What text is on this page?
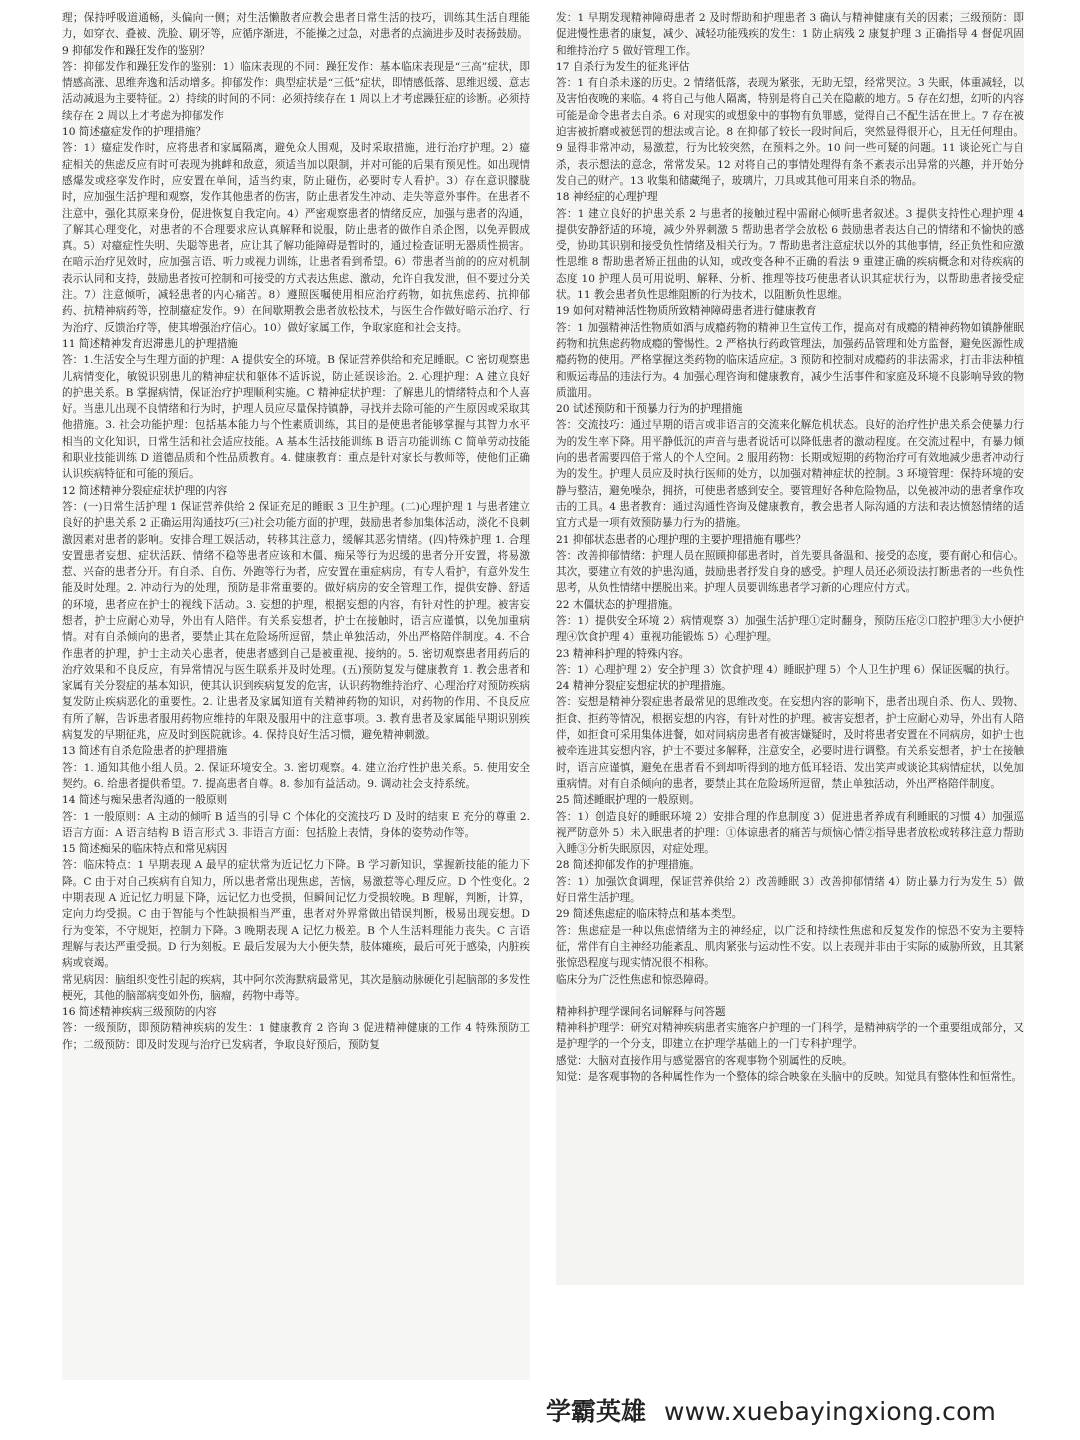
理；保持呼吸道通畅，头偏向一侧；对生活懒散者应教会患者日常生活的技巧，训练其生活自理能力，如穿衣、叠被、洗脸、刷牙等，应循序渐进，不能操之过急，对患者的点滴进步及时表扬鼓励。

9 抑郁发作和躁狂发作的鉴别？

答：抑郁发作和躁狂发作的鉴别：1）临床表现的不同：躁狂发作：基本临床表现是“三高”症状，即情感高涨、思维奔逸和活动增多。抑郁发作：典型症状是“三低”症状，即情感低落、思维迟缓、意志活动减退为主要特征。2）持续的时间的不同：必须持续存在 1 周以上才考虑躁狂症的诊断。必须持续存在 2 周以上才考虑为抑郁发作

10 简述癔症发作的护理措施？

答：1）癔症发作时，应将患者和家属隔离，避免众人围观，及时采取措施，进行治疗护理。2）癔症相关的焦虑反应有时可表现为挑衅和敌意，须适当加以限制，并对可能的后果有预见性。如出现情感爆发或痉挛发作时，应安置在单间，适当约束，防止碰伤，必要时专人看护。3）存在意识朦胧时，应加强生活护理和观察，发作其他患者的伤害，防止患者发生冲动、走失等意外事件。在患者不注意中，强化其原来身份，促进恢复自我定向。4）严密观察患者的情绪反应，加强与患者的沟通，了解其心理变化，对患者的不合理要求应认真解释和说服，防止患者的做作自杀企图，以免弄假成真。5）对癔症性失明、失聪等患者，应让其了解功能障碍是暂时的，通过检查证明无器质性损害。在暗示治疗见效时，应加强言语、听力或视力训练，让患者看到希望。6）带患者当前的的应对机制表示认同和支持，鼓励患者按可控制和可接受的方式表达焦虑、激动，允许自我发泄，但不要过分关注。7）注意倾听，减轻患者的内心痛苦。8）遵照医嘱使用相应治疗药物，如抗焦虑药、抗抑郁药、抗精神病药等，控制癔症发作。9）在间歇期教会患者放松技术，与医生合作做好暗示治疗、行为治疗、反馈治疗等，使其增强治疗信心。10）做好家属工作，争取家庭和社会支持。

11 简述精神发育迟滞患儿的护理措施

答：1.生活安全与生理方面的护理：A 提供安全的环境。B 保证营养供给和充足睡眠。C 密切观察患儿病情变化，敏锐识别患儿的精神症状和躯体不适诉说，防止延误诊治。2. 心理护理：A 建立良好的护患关系。B 掌握病情，保证治疗护理顺利实施。C 精神症状护理：了解患儿的情绪特点和个人喜好。当患儿出现不良情绪和行为时，护理人员应尽量保持镇静，寻找并去除可能的产生原因或采取其他措施。3. 社会功能护理：包括基本能力与个性素质训练，其目的是使患者能够掌握与其智力水平相当的文化知识，日常生活和社会适应技能。A 基本生活技能训练 B 语言功能训练 C 简单劳动技能和职业技能训练 D 道德品质和个性品质教育。4. 健康教育：重点是针对家长与教师等，使他们正确认识疾病特征和可能的预后。

12 简述精神分裂症症状护理的内容

答：(一)日常生活护理 1 保证营养供给 2 保证充足的睡眠 3 卫生护理。(二)心理护理 1 与患者建立良好的护患关系 2 正确运用沟通技巧(三)社会功能方面的护理，鼓励患者参加集体活动，淡化不良刺激因素对患者的影响。安排合理工娱活动，转移其注意力，缓解其恶劣情绪。(四)特殊护理 1. 合理安置患者妄想、症状活跃、情绪不稳等患者应该和木僵、痴呆等行为迟缓的患者分开安置，将易激惹、兴奋的患者分开。有自杀、自伤、外跑等行为者，应安置在重症病房，有专人看护，有意外发生能及时处理。2. 冲动行为的处理，预防是非常重要的。做好病房的安全管理工作，提供安静、舒适的环境，患者应在护士的视线下活动。3. 妄想的护理，根据妄想的内容，有针对性的护理。被害妄想者，护士应耐心劝导，外出有人陪伴。有关系妄想者，护士在接触时，语言应谨慎，以免加重病情。对有自杀倾向的患者，要禁止其在危险场所逗留，禁止单独活动，外出严格陪伴制度。4. 不合作患者的护理，护士主动关心患者，使患者感到自己是被重视、接纳的。5. 密切观察患者用药后的治疗效果和不良反应，有异常情况与医生联系并及时处理。(五)预防复发与健康教育 1. 教会患者和家属有关分裂症的基本知识，使其认识到疾病复发的危害，认识药物维持治疗、心理治疗对预防疾病复发防止疾病恶化的重要性。2. 让患者及家属知道有关精神药物的知识，对药物的作用、不良反应有所了解，告诉患者服用药物应维持的年限及服用中的注意事项。3. 教育患者及家属能早期识别疾病复发的早期征兆，应及时到医院就诊。4. 保持良好生活习惯，避免精神刺激。

13 简述有自杀危险患者的护理措施

答：1. 通知其他小组人员。2. 保证环境安全。3. 密切观察。4. 建立治疗性护患关系。5. 使用安全契约。6. 给患者提供希望。7. 提高患者自尊。8. 参加有益活动。9. 调动社会支持系统。

14 简述与痴呆患者沟通的一般原则

答：1 一般原则：A 主动的倾听 B 适当的引导 C 个体化的交流技巧 D 及时的结束 E 充分的尊重 2. 语言方面：A 语言结构 B 语言形式 3. 非语言方面：包括脸上表情，身体的姿势动作等。

15 简述痴呆的临床特点和常见病因

答：临床特点：1 早期表现 A 最早的症状常为近记忆力下降。B 学习新知识，掌握新技能的能力下降。C 由于对自己疾病有自知力，所以患者常出现焦虑，苦恼，易激惹等心理反应。D 个性变化。2 中期表现 A 近记忆力明显下降，远记忆力也受损，但瞬间记忆力受损较晚。B 理解，判断，计算，定向力均受损。C 由于智能与个性缺损相当严重，患者对外界常做出错误判断，极易出现妄想。D 行为变笨，不守规矩，控制力下降。3 晚期表现 A 记忆力极差。B 个人生活料理能力丧失。C 言语理解与表达严重受损。D 行为刻板。E 最后发展为大小便失禁，肢体瘫痪，最后可死于感染，内脏疾病或衰竭。

常见病因：脑组织变性引起的疾病，其中阿尔茨海默病最常见，其次是脑动脉硬化引起脑部的多发性梗死，其他的脑部病变如外伤，脑瘤，药物中毒等。

16 简述精神疾病三级预防的内容

答：一级预防，即预防精神疾病的发生：1 健康教育 2 咨询 3 促进精神健康的工作 4 特殊预防工作；二级预防：即及时发现与治疗已发病者，争取良好预后，预防复

发：1 早期发现精神障碍患者 2 及时帮助和护理患者 3 确认与精神健康有关的因素；三级预防：即促进慢性患者的康复，减少、减轻功能残疾的发生：1 防止病残 2 康复护理 3 正确指导 4 督促巩固和维持治疗 5 做好管理工作。

17 自杀行为发生的征兆评估

答：1 有自杀未遂的历史。2 情绪低落，表现为紧张，无助无望，经常哭泣。3 失眠，体重减轻，以及害怕夜晚的来临。4 将自己与他人隔离，特别是将自己关在隐蔽的地方。5 存在幻想，幻听的内容可能是命令患者去自杀。6 对现实的或想象中的事物有负罪感，觉得自己不配生活在世上。7 存在被迫害被折磨或被惩罚的想法或言论。8 在抑郁了较长一段时间后，突然显得很开心，且无任何理由。9 显得非常冲动，易激惹，行为比较突然，在预料之外。10 问一些可疑的问题。11 谈论死亡与自杀，表示想法的意念，常常发呆。12 对将自己的事情处理得有条不紊表示出异常的兴趣，并开始分发自己的财产。13 收集和储藏绳子，玻璃片，刀具或其他可用来自杀的物品。

18 神经症的心理护理

答：1 建立良好的护患关系 2 与患者的接触过程中需耐心倾听患者叙述。3 提供支持性心理护理 4 提供安静舒适的环境，减少外界刺激 5 帮助患者学会放松 6 鼓励患者表达自己的情绪和不愉快的感受，协助其识别和接受负性情绪及相关行为。7 帮助患者注意症状以外的其他事情，经正负性和应激性思维 8 帮助患者矫正扭曲的认知，或改变各种不正确的看法 9 重建正确的疾病概念和对待疾病的态度 10 护理人员可用说明、解释、分析、推理等技巧使患者认识其症状行为，以帮助患者接受症状。11 教会患者负性思维阻断的行为技术，以阻断负性思维。

19 如何对精神活性物质所致精神障碍患者进行健康教育

答：1 加强精神活性物质如酒与成瘾药物的精神卫生宣传工作，提高对有成瘾的精神药物如镇静催眠药物和抗焦虑药物成瘾的警惕性。2 严格执行药政管理法，加强药品管理和处方监督，避免医源性成瘾药物的使用。严格掌握这类药物的临床适应症。3 预防和控制对成瘾药的非法需求，打击非法种植和贩运毒品的违法行为。4 加强心理咨询和健康教育，减少生活事件和家庭及环境不良影响导致的物质滥用。

20 试述预防和干预暴力行为的护理措施

答：交流技巧：通过早期的语言或非语言的交流来化解危机状态。良好的治疗性护患关系会使暴力行为的发生率下降。用平静低沉的声音与患者说话可以降低患者的激动程度。在交流过程中，有暴力倾向的患者需要四倍于常人的个人空间。2 服用药物：长期或短期的药物治疗可有效地减少患者冲动行为的发生。护理人员应及时执行医师的处方，以加强对精神症状的控制。3 环境管理：保持环境的安静与整洁，避免噪杂，拥挤，可使患者感到安全。要管理好各种危险物品，以免被冲动的患者拿作攻击的工具。4 患者教育：通过沟通性咨询及健康教育，教会患者人际沟通的方法和表达愤怒情绪的适宜方式是一项有效预防暴力行为的措施。

21 抑郁状态患者的心理护理的主要护理措施有哪些？

答：改善抑郁情绪：护理人员在照顾抑郁患者时，首先要具备温和、接受的态度，要有耐心和信心。其次，要建立有效的护患沟通，鼓励患者抒发自身的感受。护理人员还必须设法打断患者的一些负性思考，从负性情绪中摆脱出来。护理人员要训练患者学习新的心理应付方式。

22 木僵状态的护理措施。

答：1）提供安全环境 2）病情观察 3）加强生活护理①定时翻身，预防压疮②口腔护理③大小便护理④饮食护理 4）重视功能锻炼 5）心理护理。

23 精神科护理的特殊内容。

答：1）心理护理 2）安全护理 3）饮食护理 4）睡眠护理 5）个人卫生护理 6）保证医嘱的执行。

24 精神分裂症妄想症状的护理措施。

答：妄想是精神分裂症患者最常见的思维改变。在妄想内容的影响下，患者出现自杀、伤人、毁物、拒食、拒药等情况，根据妄想的内容，有针对性的护理。被害妄想者，护士应耐心劝导，外出有人陪伴，如拒食可采用集体进餐，如对同病房患者有被害嫌疑时，及时将患者安置在不同病房，如护士也被牵连进其妄想内容，护士不要过多解释，注意安全，必要时进行调整。有关系妄想者，护士在接触时，语言应谨慎，避免在患者看不到却听得到的地方低耳轻语、发出笑声或谈论其病情症状，以免加重病情。对有自杀倾向的患者，要禁止其在危险场所逗留，禁止单独活动，外出严格陪伴制度。

25 简述睡眠护理的一般原则。

答：1）创造良好的睡眠环境 2）安排合理的作息制度 3）促进患者养成有利睡眠的习惯 4）加强巡视严防意外 5）未入眠患者的护理：①体谅患者的痛苦与烦恼心情②指导患者放松或转移注意力帮助入睡③分析失眠原因，对症处理。

28 简述抑郁发作的护理措施。

答：1）加强饮食调理，保证营养供给 2）改善睡眠 3）改善抑郁情绪 4）防止暴力行为发生 5）做好日常生活护理。

29 简述焦虑症的临床特点和基本类型。

答：焦虑症是一种以焦虑情绪为主的神经症，以广泛和持续性焦虑和反复发作的惊恐不安为主要特征，常伴有自主神经功能紊乱、肌肉紧张与运动性不安。以上表现并非由于实际的威胁所致，且其紧张惊恐程度与现实情况很不相称。

临床分为广泛性焦虑和惊恐障碍。

精神科护理学课间名词解释与问答题

精神科护理学：研究对精神疾病患者实施客户护理的一门科学，是精神病学的一个重要组成部分，又是护理学的一个分支，即建立在护理学基础上的一门专科护理学。

感觉：大脑对直接作用与感觉器官的客观事物个别属性的反映。

知觉：是客观事物的各种属性作为一个整体的综合映象在头脑中的反映。知觉具有整体性和恒常性。

学霸英雄 www.xuebayingxiong.com
